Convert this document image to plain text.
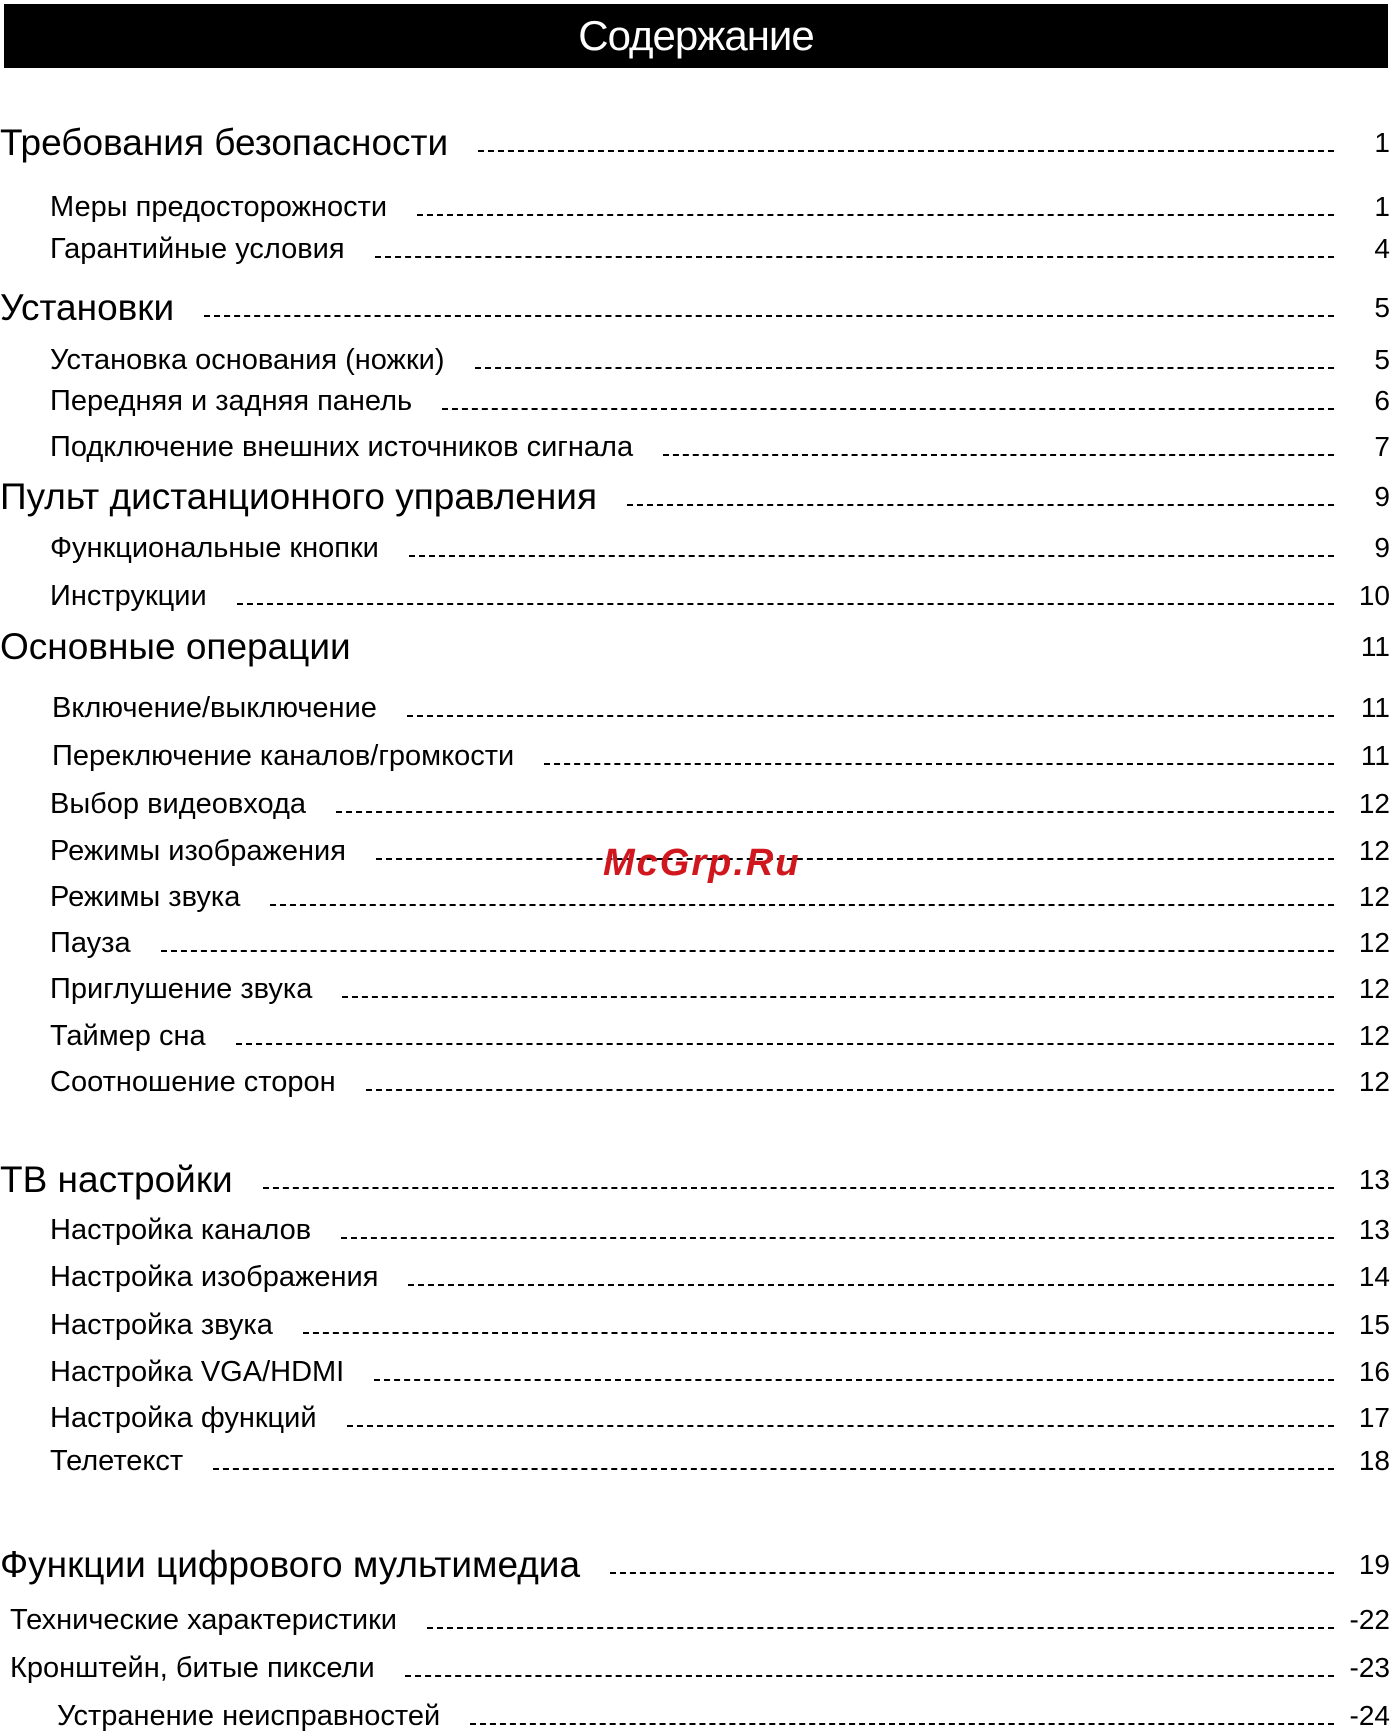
Содержание
Требования безопасности	1
Меры предосторожности	1
Гарантийные условия	4
Установки	5
Установка основания (ножки)	5
Передняя и задняя панель	6
Подключение внешних источников сигнала	7
Пульт дистанционного управления	9
Функциональные кнопки	9
Инструкции	10
Основные операции	11
Включение/выключение	11
Переключение каналов/громкости	11
Выбор видеовхода	12
Режимы изображения	12
Режимы звука	12
Пауза	12
Приглушение звука	12
Таймер сна	12
Соотношение сторон	12
ТВ настройки	13
Настройка каналов	13
Настройка изображения	14
Настройка звука	15
Настройка VGA/HDMI	16
Настройка функций	17
Телетекст	18
Функции цифрового мультимедиа	19
Технические характеристики	-22
Кронштейн, битые пиксели	-23
Устранение неисправностей	-24
McGrp.Ru
